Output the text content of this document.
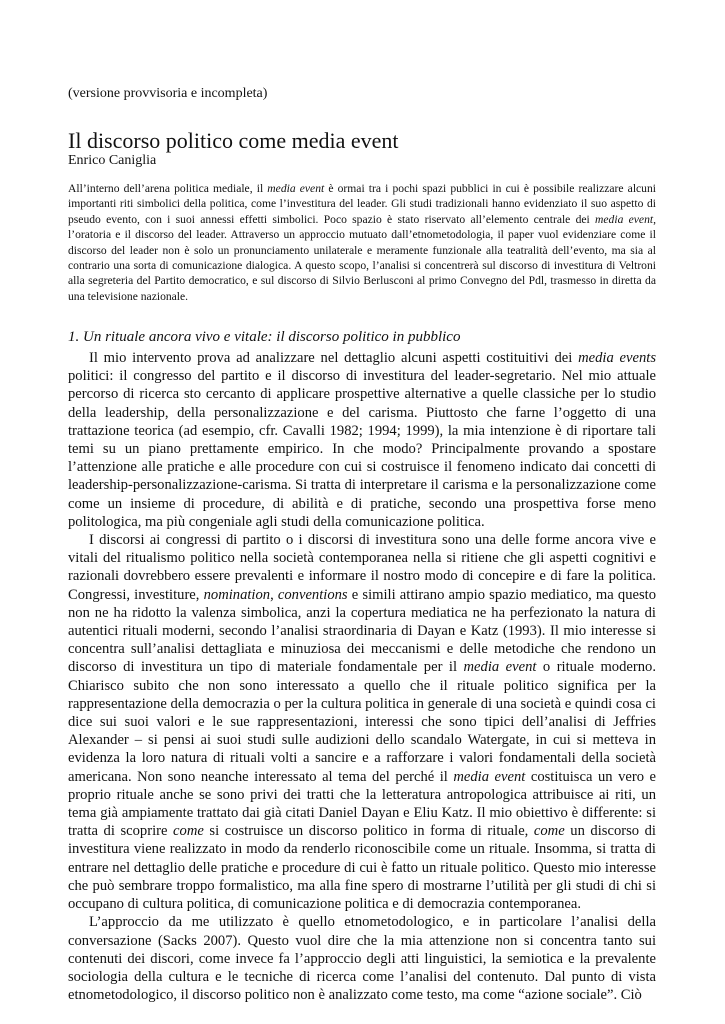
(versione provvisoria e incompleta)
Il discorso politico come media event
Enrico Caniglia

All’interno dell’arena politica mediale, il media event è ormai tra i pochi spazi pubblici in cui è possibile realizzare alcuni importanti riti simbolici della politica, come l’investitura del leader. Gli studi tradizionali hanno evidenziato il suo aspetto di pseudo evento, con i suoi annessi effetti simbolici. Poco spazio è stato riservato all’elemento centrale dei media event, l’oratoria e il discorso del leader. Attraverso un approccio mutuato dall’etnometodologia, il paper vuol evidenziare come il discorso del leader non è solo un pronunciamento unilaterale e meramente funzionale alla teatralità dell’evento, ma sia al contrario una sorta di comunicazione dialogica. A questo scopo, l’analisi si concentrerà sul discorso di investitura di Veltroni alla segreteria del Partito democratico, e sul discorso di Silvio Berlusconi al primo Convegno del Pdl, trasmesso in diretta da una televisione nazionale.

1. Un rituale ancora vivo e vitale: il discorso politico in pubblico

Il mio intervento prova ad analizzare nel dettaglio alcuni aspetti costituitivi dei media events politici: il congresso del partito e il discorso di investitura del leader-segretario. Nel mio attuale percorso di ricerca sto cercanto di applicare prospettive alternative a quelle classiche per lo studio della leadership, della personalizzazione e del carisma. Piuttosto che farne l’oggetto di una trattazione teorica (ad esempio, cfr. Cavalli 1982; 1994; 1999), la mia intenzione è di riportare tali temi su un piano prettamente empirico. In che modo? Principalmente provando a spostare l’attenzione alle pratiche e alle procedure con cui si costruisce il fenomeno indicato dai concetti di leadership-personalizzazione-carisma. Si tratta di interpretare il carisma e la personalizzazione come come un insieme di procedure, di abilità e di pratiche, secondo una prospettiva forse meno politologica, ma più congeniale agli studi della comunicazione politica.

I discorsi ai congressi di partito o i discorsi di investitura sono una delle forme ancora vive e vitali del ritualismo politico nella società contemporanea nella si ritiene che gli aspetti cognitivi e razionali dovrebbero essere prevalenti e informare il nostro modo di concepire e di fare la politica. Congressi, investiture, nomination, conventions e simili attirano ampio spazio mediatico, ma questo non ne ha ridotto la valenza simbolica, anzi la copertura mediatica ne ha perfezionato la natura di autentici rituali moderni, secondo l’analisi straordinaria di Dayan e Katz (1993). Il mio interesse si concentra sull’analisi dettagliata e minuziosa dei meccanismi e delle metodiche che rendono un discorso di investitura un tipo di materiale fondamentale per il media event o rituale moderno. Chiarisco subito che non sono interessato a quello che il rituale politico significa per la rappresentazione della democrazia o per la cultura politica in generale di una società e quindi cosa ci dice sui suoi valori e le sue rappresentazioni, interessi che sono tipici dell’analisi di Jeffries Alexander – si pensi ai suoi studi sulle audizioni dello scandalo Watergate, in cui si metteva in evidenza la loro natura di rituali volti a sancire e a rafforzare i valori fondamentali della società americana. Non sono neanche interessato al tema del perché il media event costituisca un vero e proprio rituale anche se sono privi dei tratti che la letteratura antropologica attribuisce ai riti, un tema già ampiamente trattato dai già citati Daniel Dayan e Eliu Katz. Il mio obiettivo è differente: si tratta di scoprire come si costruisce un discorso politico in forma di rituale, come un discorso di investitura viene realizzato in modo da renderlo riconoscibile come un rituale. Insomma, si tratta di entrare nel dettaglio delle pratiche e procedure di cui è fatto un rituale politico. Questo mio interesse che può sembrare troppo formalistico, ma alla fine spero di mostrarne l’utilità per gli studi di chi si occupano di cultura politica, di comunicazione politica e di democrazia contemporanea.

L’approccio da me utilizzato è quello etnometodologico, e in particolare l’analisi della conversazione (Sacks 2007). Questo vuol dire che la mia attenzione non si concentra tanto sui contenuti dei discori, come invece fa l’approccio degli atti linguistici, la semiotica e la prevalente sociologia della cultura e le tecniche di ricerca come l’analisi del contenuto. Dal punto di vista etnometodologico, il discorso politico non è analizzato come testo, ma come “azione sociale”. Ciò
